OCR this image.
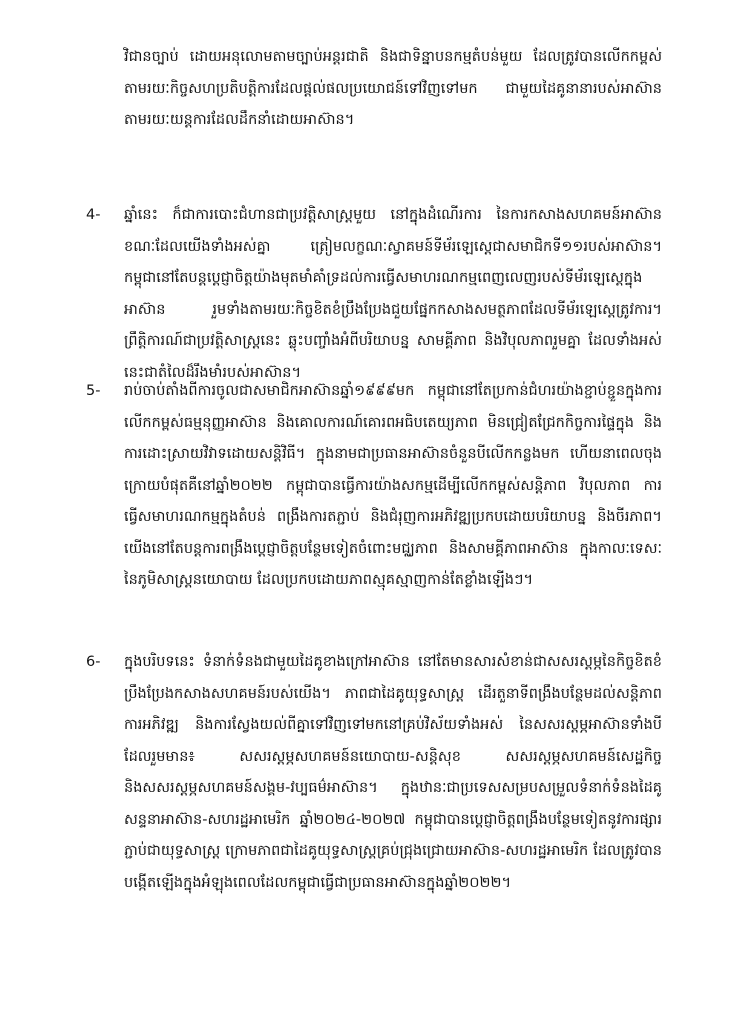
វិជានច្បាប់ ដោយអនុលោមតាមច្បាប់អន្តរជាតិ និងជាទិន្នាបនកម្មតំបន់មួយ ដែលត្រូវបានលើកកម្ពស់តាមរយៈកិច្ចសហប្រតិបត្តិការដែលផ្តល់ផលប្រយោជន៍ទៅវិញទៅមក ជាមួយដៃគូនានារបស់អាស៊ាន តាមរយៈយន្តការដែលដឹកនាំដោយអាស៊ាន។

4- ឆ្នាំនេះ ក៏ជាការបោះជំហានជាប្រវត្តិសាស្ត្រមួយ នៅក្នុងដំណើរការ នៃការកសាងសហគមន៍អាស៊ាន ខណៈដែលយើងទាំងអស់គ្នា ត្រៀមលក្ខណៈស្វាគមន៍ទីម័រឡេស្តេជាសមាជិកទី១១របស់អាស៊ាន។ កម្ពុជានៅតែបន្តប្តេជ្ញាចិត្តយ៉ាងមុតមាំគាំទ្រដល់ការធ្វើសមាហរណកម្មពេញលេញរបស់ទីម័រឡេស្តេក្នុងអាស៊ាន រួមទាំងតាមរយៈកិច្ចខិតខំប្រឹងប្រែងជួយផ្នែកកសាងសមត្ថភាពដែលទីម័រឡេស្តេត្រូវការ។ ព្រឹត្តិការណ៍ជាប្រវត្តិសាស្ត្រនេះ ឆ្លុះបញ្ចាំងអំពីបរិយាបន្ន សាមគ្គីភាព និងវិបុលភាពរួមគ្នា ដែលទាំងអស់នេះជាតំលៃដ៏រឹងមាំរបស់អាស៊ាន។

5- រាប់ចាប់តាំងពីការចូលជាសមាជិកអាស៊ានឆ្នាំ១៩៩៩មក កម្ពុជានៅតែប្រកាន់ជំហរយ៉ាងខ្ជាប់ខ្ជួនក្នុងការលើកកម្ពស់ធម្មនុញ្ញអាស៊ាន និងគោលការណ៍គោរពអធិបតេយ្យភាព មិនជ្រៀតជ្រែកកិច្ចការផ្ទៃក្នុង និងការដោះស្រាយវិវាទដោយសន្តិវិធី។ ក្នុងនាមជាប្រធានអាស៊ានចំនួនបីលើកកន្លងមក ហើយនាពេលចុងក្រោយបំផុតគឺនៅឆ្នាំ២០២២ កម្ពុជាបានធ្វើការយ៉ាងសកម្មដើម្បីលើកកម្ពស់សន្តិភាព វិបុលភាព ការធ្វើសមាហរណកម្មក្នុងតំបន់ ពង្រឹងការតភ្ជាប់ និងជំរុញការអភិវឌ្ឍប្រកបដោយបរិយាបន្ន និងចីរភាព។ យើងនៅតែបន្តការពង្រឹងប្តេជ្ញាចិត្តបន្ថែមទៀតចំពោះមជ្ឈភាព និងសាមគ្គីភាពអាស៊ាន ក្នុងកាលៈទេសៈនៃភូមិសាស្ត្រនយោបាយ ដែលប្រកបដោយភាពស្មុគស្មាញកាន់តែខ្លាំងឡើងៗ។

6- ក្នុងបរិបទនេះ ទំនាក់ទំនងជាមួយដៃគូខាងក្រៅអាស៊ាន នៅតែមានសារសំខាន់ជាសសរស្តម្ភនៃកិច្ចខិតខំប្រឹងប្រែងកសាងសហគមន៍របស់យើង។ ភាពជាដៃគូយុទ្ធសាស្ត្រ ដើរតួនាទីពង្រឹងបន្ថែមដល់សន្តិភាព ការអភិវឌ្ឍ និងការស្វែងយល់ពីគ្នាទៅវិញទៅមកនៅគ្រប់វិស័យទាំងអស់ នៃសសរស្តម្ភអាស៊ានទាំងបី ដែលរួមមាន៖ សសរស្តម្ភសហគមន៍នយោបាយ-សន្តិសុខ សសរស្តម្ភសហគមន៍សេដ្ឋកិច្ច និងសសរស្តម្ភសហគមន៍សង្គម-វប្បធម៌អាស៊ាន។ ក្នុងឋានៈជាប្រទេសសម្របសម្រួលទំនាក់ទំនងដៃគូសន្ទនាអាស៊ាន-សហរដ្ឋអាមេរិក ឆ្នាំ២០២៤-២០២៧ កម្ពុជាបានប្តេជ្ញាចិត្តពង្រឹងបន្ថែមទៀតនូវការផ្សារភ្ជាប់ជាយុទ្ធសាស្ត្រ ក្រោមភាពជាដៃគូយុទ្ធសាស្ត្រគ្រប់ជ្រុងជ្រោយអាស៊ាន-សហរដ្ឋអាមេរិក ដែលត្រូវបានបង្កើតឡើងក្នុងអំឡុងពេលដែលកម្ពុជាធ្វើជាប្រធានអាស៊ានក្នុងឆ្នាំ២០២២។
